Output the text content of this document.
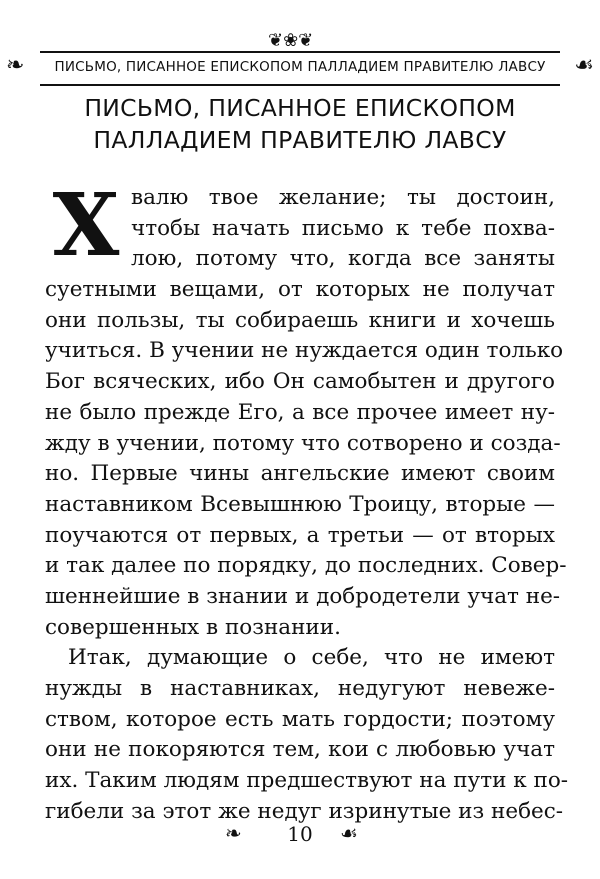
❦❀❦
❧	☙
ПИСЬМО, ПИСАННОЕ ЕПИСКОПОМ ПАЛЛАДИЕМ ПРАВИТЕЛЮ ЛАВСУ
ПИСЬМО, ПИСАННОЕ ЕПИСКОПОМ
ПАЛЛАДИЕМ ПРАВИТЕЛЮ ЛАВСУ
Х валю твое желание; ты достоин,
чтобы начать письмо к тебе похва-
лою, потому что, когда все заняты
суетными вещами, от которых не получат
они пользы, ты собираешь книги и хочешь
учиться. В учении не нуждается один только
Бог всяческих, ибо Он самобытен и другого
не было прежде Его, а все прочее имеет ну-
жду в учении, потому что сотворено и созда-
но. Первые чины ангельские имеют своим
наставником Всевышнюю Троицу, вторые —
поучаются от первых, а третьи — от вторых
и так далее по порядку, до последних. Совер-
шеннейшие в знании и добродетели учат не-
совершенных в познании.
Итак, думающие о себе, что не имеют
нужды в наставниках, недугуют невеже-
ством, которое есть мать гордости; поэтому
они не покоряются тем, кои с любовью учат
их. Таким людям предшествуют на пути к по-
гибели за этот же недуг изринутые из небес-
❧	10	☙
